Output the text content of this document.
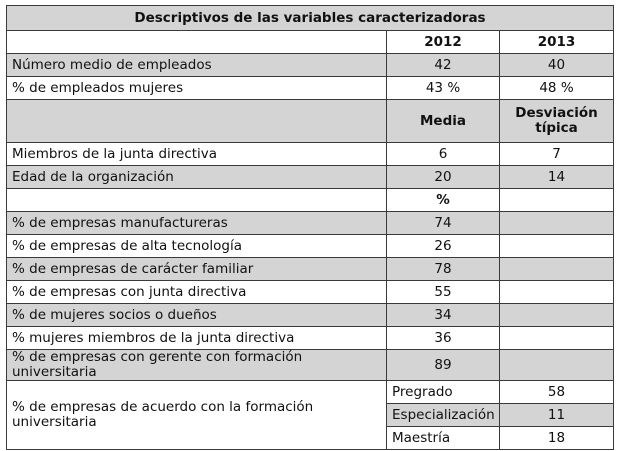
Descriptivos de las variables caracterizadoras		
	2012	2013
Número medio de empleados	42	40
% de empleados mujeres	43 %	48 %
	Media	Desviación típica
Miembros de la junta directiva	6	7
Edad de la organización	20	14
	%	
% de empresas manufactureras	74	
% de empresas de alta tecnología	26	
% de empresas de carácter familiar	78	
% de empresas con junta directiva	55	
% de mujeres socios o dueños	34	
% mujeres miembros de la junta directiva	36	
% de empresas con gerente con formación universitaria	89	
% de empresas de acuerdo con la formación universitaria	Pregrado	58
	Especialización	11
	Maestría	18
